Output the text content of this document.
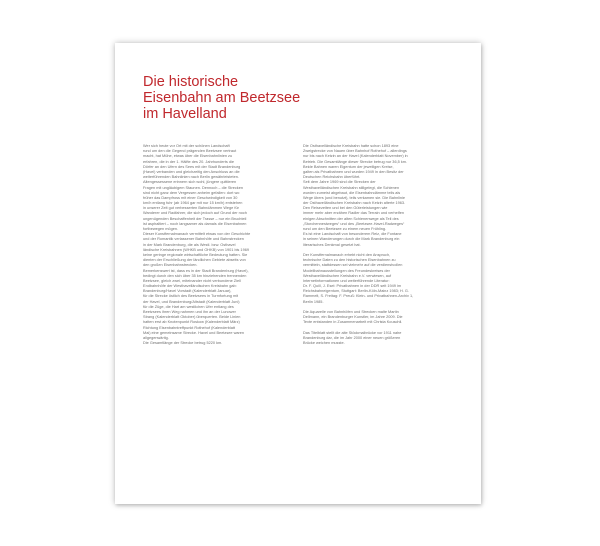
Die historische
Eisenbahn am Beetzsee
im Havelland
Wer sich heute vor Ort mit der schönen Landschaft
rund um den die Gegend prägenden Beetzsee vertraut
macht, hat Mühe, etwas über die Eisenbahnlinien zu
erfahren, die in der 1. Hälfte des 20. Jahrhunderts die
Dörfer an den Ufern des Sees mit der Stadt Brandenburg
(Havel) verbanden und gleichzeitig den Anschluss an die
weiterführenden Bahnlinien nach Berlin gewährleisteten.
Altengessessene erinnern sich wohl, jüngere quittieren
Fragen mit ungläubigem Staunen. Dennoch – die Strecken
sind nicht ganz dem Vergessen anheim gefallen: dort wo
früher das Dampfross mit einer Geschwindigkeit von 30
km/h entlang fuhr (ab 1964 gar mit nur 15 km/h) entstehen
in unserer Zeit gut verbesserten Bahndämmen Wege für
Wanderer und Radfahrer, die sich jedoch auf Grund der noch
ungenügenden Beschaffenheit der Trasse – nur ein Bruchteil
ist asphaltiert – noch langsamer als damals die Eisenbahnen
fortbewegen mögen.
Dieser Kunstfernalmanach vermittelt etwas von der Geschichte
und der Romantik verlassener Bahnhöfe und Bahnstrecken
in der Mark Brandenburg, die als Westl. bzw. Osthavel
ländische Kreisbahnen (WHKB und OHKB) von 1901 bis 1969
keine geringe regionale wirtschaftliche Bedeutung hatten. Sie
dienten der Erschließung der ländlichen Gebiete abseits von
den großen Eisenbahnstrecken.
Bemerkenswert ist, dass es in der Stadt Brandenburg (Havel),
bedingt durch den sich über 35 km hinziehenden trennenden
Beetzsee, gleich zwei, miteinander nicht verbundene Ziell
Endbahnhöfe der Westhavelländischen Kreisbahn gab:
Brandenburg/Havel Vorstadt (Kalenderblatt Januar),
für die Strecke östlich des Beetzsees in Turmfortung mit
der Havel, und Brandenburg/Altstadt (Kalenderblatt Juni)
für die Züge, die Hart am westlichen Ufer entlang des
Beetzsees ihren Weg nahmen und ihn an der Lunower
Strang (Kalenderblatt Oktober) überquerten. Beide Linien
hatten erst ab Knotenpunkt Roskow (Kalenderblatt März)
Richtung Eisenbahntreffpunkt Rothehof (Kalenderblatt
Mai) eine gemeinsame Strecke. Havel und Beetzsee waren
allgegenwärtig.
Die Gesamtlänge der Strecke betrug 5220 km.
Die Osthavelländische Kreisbahn hatte schon 1893 eine
Zweigstrecke von Nauen über Bahnhof Rothehof – allerdings
nur bis nach Ketzin an der Havel (Kalenderblatt November) in
Betrieb. Die Gesamtlänge dieser Strecke betrug nur 36,5 km.
Beide Bahnen waren Eigentum der jeweiligen Kreise,
galten als Privatbahnen und wurden 1949 in den Besitz der
Deutschen Reichsbahn überführt.
Seit dem Jahre 1969 sind die Strecken der
Westhavelländischen Kreisbahn stillgelegt, die Schienen
wurden zumeist abgebaut, die Eisenbahndämme teils als
Wege übers (und benutzt), teils verkamen sie. Die Bahnlinie
der Osthavelländischen Kreisbahn nach Ketzin alterte 1963.
Den Reisezeiten und bei den Güterleistungen wie
immer mehr aber erzähen Radler das Terrain und verhelfen
einigen Abschnitten der alten Schienenwege als Teil des
„Storchennestweges“ und des „Beetzsee-Havel-Radweges“
rund um den Beetzsee zu einem neuen Frühling.
Es ist eine Landschaft von besonderem Reiz, die Fontane
in seinen Wanderungen durch die Mark Brandenburg ein
literarisches Denkmal gesetzt hat.
Der Kunstfernalmanach erhebt nicht den Anspruch,
technische Daten zu den historischen Eisenbahnen zu
vermitteln, stattdessen sei vielmehr auf die verdienstvollen
Modellbahnausstellungen des Freundeskreises der
Westhavelländischen Kreisbahn e.V. verwiesen, auf
Internetinformationen und weiterführende Literatur:
Dr. F. Quill, J. Esel: Privatbahnen in der DDR seit 1949 im
Reichsbahneigentum, Stuttgart: Berlin-Köln-Mainz 1983; H. G.
Rammelt, S. Freitag: F. Preuß: Klein- und Privatbahnen-Archiv 1,
Berlin 1985.
Die Aquarelle von Bahnhöfen und Strecken malte Martin
Dellmann, ein Brandenburger Kunstler, im Jahre 2009. Die
Texte entstanden in Zusammenarbeit mit Christa Kouschil.
Das Titelblatt stellt die alte Stöckmalbrücke vor 1911 nahe
Brandenburg dar, die im Jahr 2000 einer neuen größeren
Brücke weichen musste.
